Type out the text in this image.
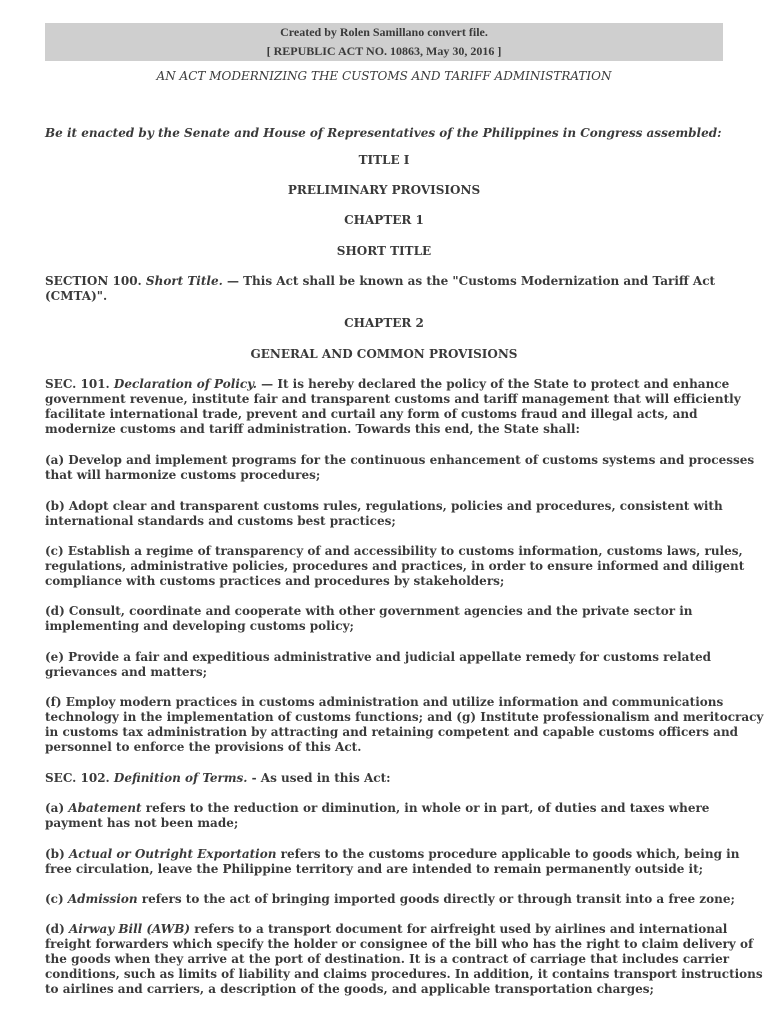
Created by Rolen Samillano convert file.
[ REPUBLIC ACT NO. 10863, May 30, 2016 ]
AN ACT MODERNIZING THE CUSTOMS AND TARIFF ADMINISTRATION
Be it enacted by the Senate and House of Representatives of the Philippines in Congress assembled:
TITLE I
PRELIMINARY PROVISIONS
CHAPTER 1
SHORT TITLE
SECTION 100. Short Title. — This Act shall be known as the "Customs Modernization and Tariff Act
(CMTA)".
CHAPTER 2
GENERAL AND COMMON PROVISIONS
SEC. 101. Declaration of Policy. — It is hereby declared the policy of the State to protect and enhance
government revenue, institute fair and transparent customs and tariff management that will efficiently
facilitate international trade, prevent and curtail any form of customs fraud and illegal acts, and
modernize customs and tariff administration. Towards this end, the State shall:
(a) Develop and implement programs for the continuous enhancement of customs systems and processes
that will harmonize customs procedures;
(b) Adopt clear and transparent customs rules, regulations, policies and procedures, consistent with
international standards and customs best practices;
(c) Establish a regime of transparency of and accessibility to customs information, customs laws, rules,
regulations, administrative policies, procedures and practices, in order to ensure informed and diligent
compliance with customs practices and procedures by stakeholders;
(d) Consult, coordinate and cooperate with other government agencies and the private sector in
implementing and developing customs policy;
(e) Provide a fair and expeditious administrative and judicial appellate remedy for customs related
grievances and matters;
(f) Employ modern practices in customs administration and utilize information and communications
technology in the implementation of customs functions; and (g) Institute professionalism and meritocracy
in customs tax administration by attracting and retaining competent and capable customs officers and
personnel to enforce the provisions of this Act.
SEC. 102. Definition of Terms. - As used in this Act:
(a) Abatement refers to the reduction or diminution, in whole or in part, of duties and taxes where
payment has not been made;
(b) Actual or Outright Exportation refers to the customs procedure applicable to goods which, being in
free circulation, leave the Philippine territory and are intended to remain permanently outside it;
(c) Admission refers to the act of bringing imported goods directly or through transit into a free zone;
(d) Airway Bill (AWB) refers to a transport document for airfreight used by airlines and international
freight forwarders which specify the holder or consignee of the bill who has the right to claim delivery of
the goods when they arrive at the port of destination. It is a contract of carriage that includes carrier
conditions, such as limits of liability and claims procedures. In addition, it contains transport instructions
to airlines and carriers, a description of the goods, and applicable transportation charges;
